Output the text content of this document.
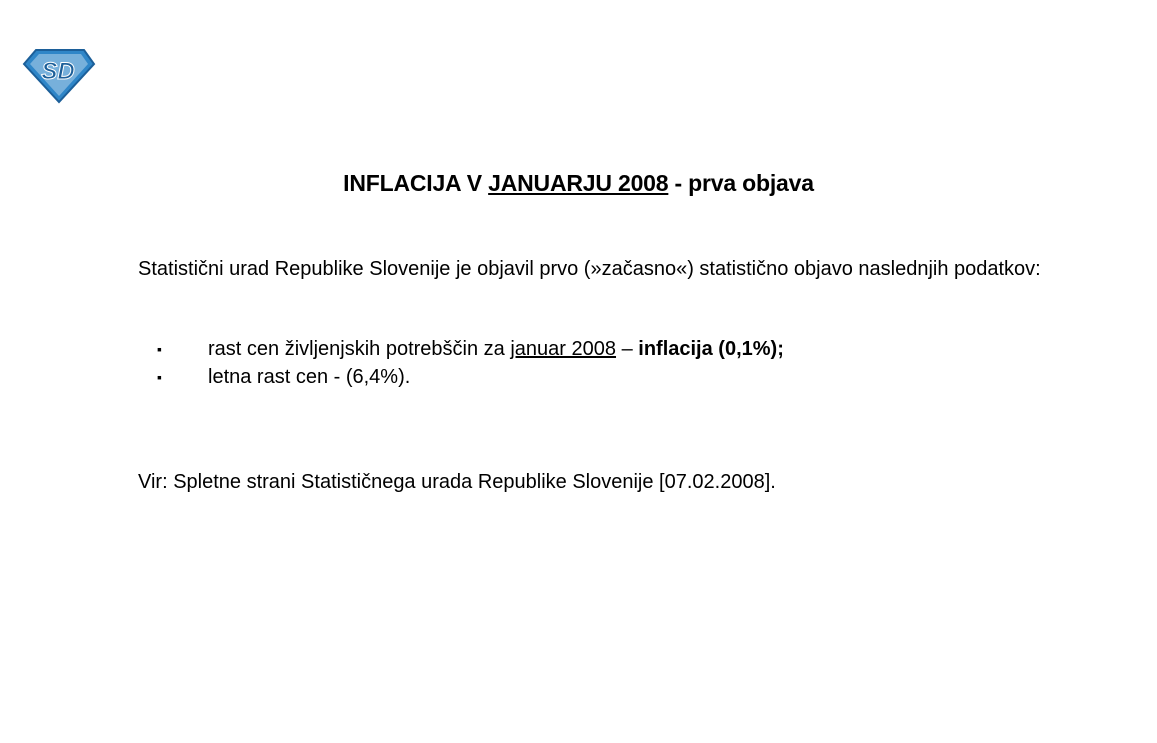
SD
INFLACIJA V JANUARJU 2008 - prva objava

Statistični urad Republike Slovenije je objavil prvo (»začasno«) statistično objavo naslednjih podatkov:

▪ rast cen življenjskih potrebščin za januar 2008 – inflacija (0,1%);
▪ letna rast cen - (6,4%).

Vir: Spletne strani Statističnega urada Republike Slovenije [07.02.2008].
